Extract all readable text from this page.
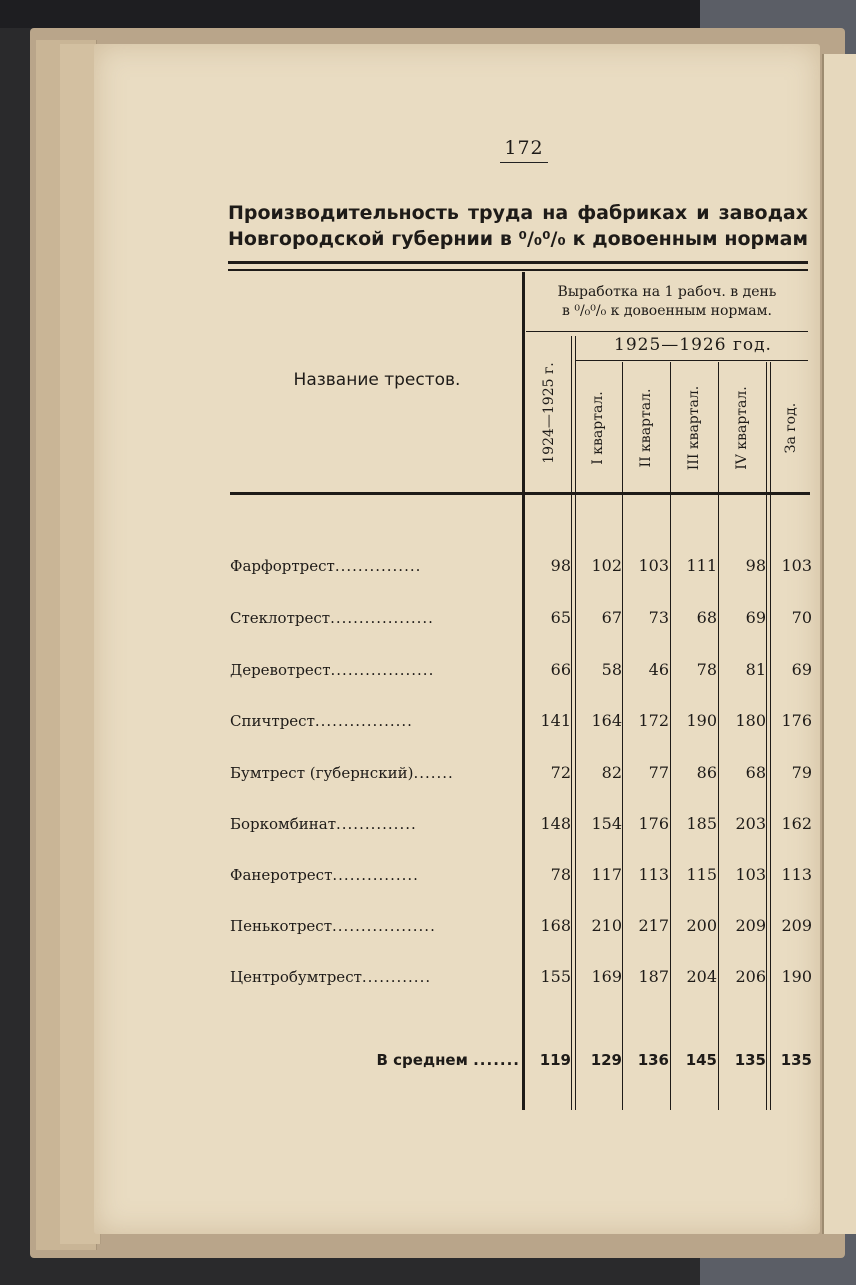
172
Производительность труда на фабриках и заводах
Новгородской губернии в ⁰/₀⁰/₀ к довоенным нормам
Название трестов.
Выработка на 1 рабоч. в день
в ⁰/₀⁰/₀ к довоенным нормам.
1925—1926 год.
1924—1925 г. I квартал. II квартал. III квартал. IV квартал. За год.
Фарфортрест...............	98	102	103	111	98 103
Стеклотрест..................	65	67	73	68	69	70
Деревотрест..................	66	58	46	78	81	69
Спичтрест.................	141	164	172	190	180 176
Бумтрест (губернский).......	72	82	77	86	68	79
Боркомбинат..............	148	154	176	185	203 162
Фанеротрест...............	78	117	113	115	103 113
Пенькотрест..................	168	210	217	200	209 209
Центробумтрест............	155	169	187	204	206 190
В среднем .......	119	129	136	145	135 135
